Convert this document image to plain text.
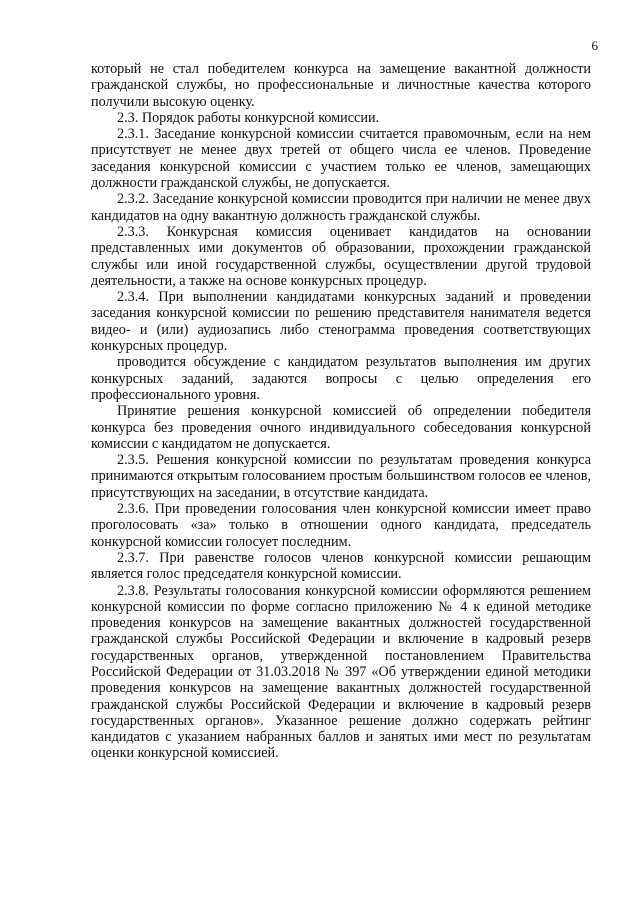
6

который не стал победителем конкурса на замещение вакантной должности гражданской службы, но профессиональные и личностные качества которого получили высокую оценку.

2.3. Порядок работы конкурсной комиссии.

2.3.1. Заседание конкурсной комиссии считается правомочным, если на нем присутствует не менее двух третей от общего числа ее членов. Проведение заседания конкурсной комиссии с участием только ее членов, замещающих должности гражданской службы, не допускается.

2.3.2. Заседание конкурсной комиссии проводится при наличии не менее двух кандидатов на одну вакантную должность гражданской службы.

2.3.3. Конкурсная комиссия оценивает кандидатов на основании представленных ими документов об образовании, прохождении гражданской службы или иной государственной службы, осуществлении другой трудовой деятельности, а также на основе конкурсных процедур.

2.3.4. При выполнении кандидатами конкурсных заданий и проведении заседания конкурсной комиссии по решению представителя нанимателя ведется видео- и (или) аудиозапись либо стенограмма проведения соответствующих конкурсных процедур.

проводится обсуждение с кандидатом результатов выполнения им других конкурсных заданий, задаются вопросы с целью определения его профессионального уровня.

Принятие решения конкурсной комиссией об определении победителя конкурса без проведения очного индивидуального собеседования конкурсной комиссии с кандидатом не допускается.

2.3.5. Решения конкурсной комиссии по результатам проведения конкурса принимаются открытым голосованием простым большинством голосов ее членов, присутствующих на заседании, в отсутствие кандидата.

2.3.6. При проведении голосования член конкурсной комиссии имеет право проголосовать «за» только в отношении одного кандидата, председатель конкурсной комиссии голосует последним.

2.3.7. При равенстве голосов членов конкурсной комиссии решающим является голос председателя конкурсной комиссии.

2.3.8. Результаты голосования конкурсной комиссии оформляются решением конкурсной комиссии по форме согласно приложению № 4 к единой методике проведения конкурсов на замещение вакантных должностей государственной гражданской службы Российской Федерации и включение в кадровый резерв государственных органов, утвержденной постановлением Правительства Российской Федерации от 31.03.2018 № 397 «Об утверждении единой методики проведения конкурсов на замещение вакантных должностей государственной гражданской службы Российской Федерации и включение в кадровый резерв государственных органов». Указанное решение должно содержать рейтинг кандидатов с указанием набранных баллов и занятых ими мест по результатам оценки конкурсной комиссией.
